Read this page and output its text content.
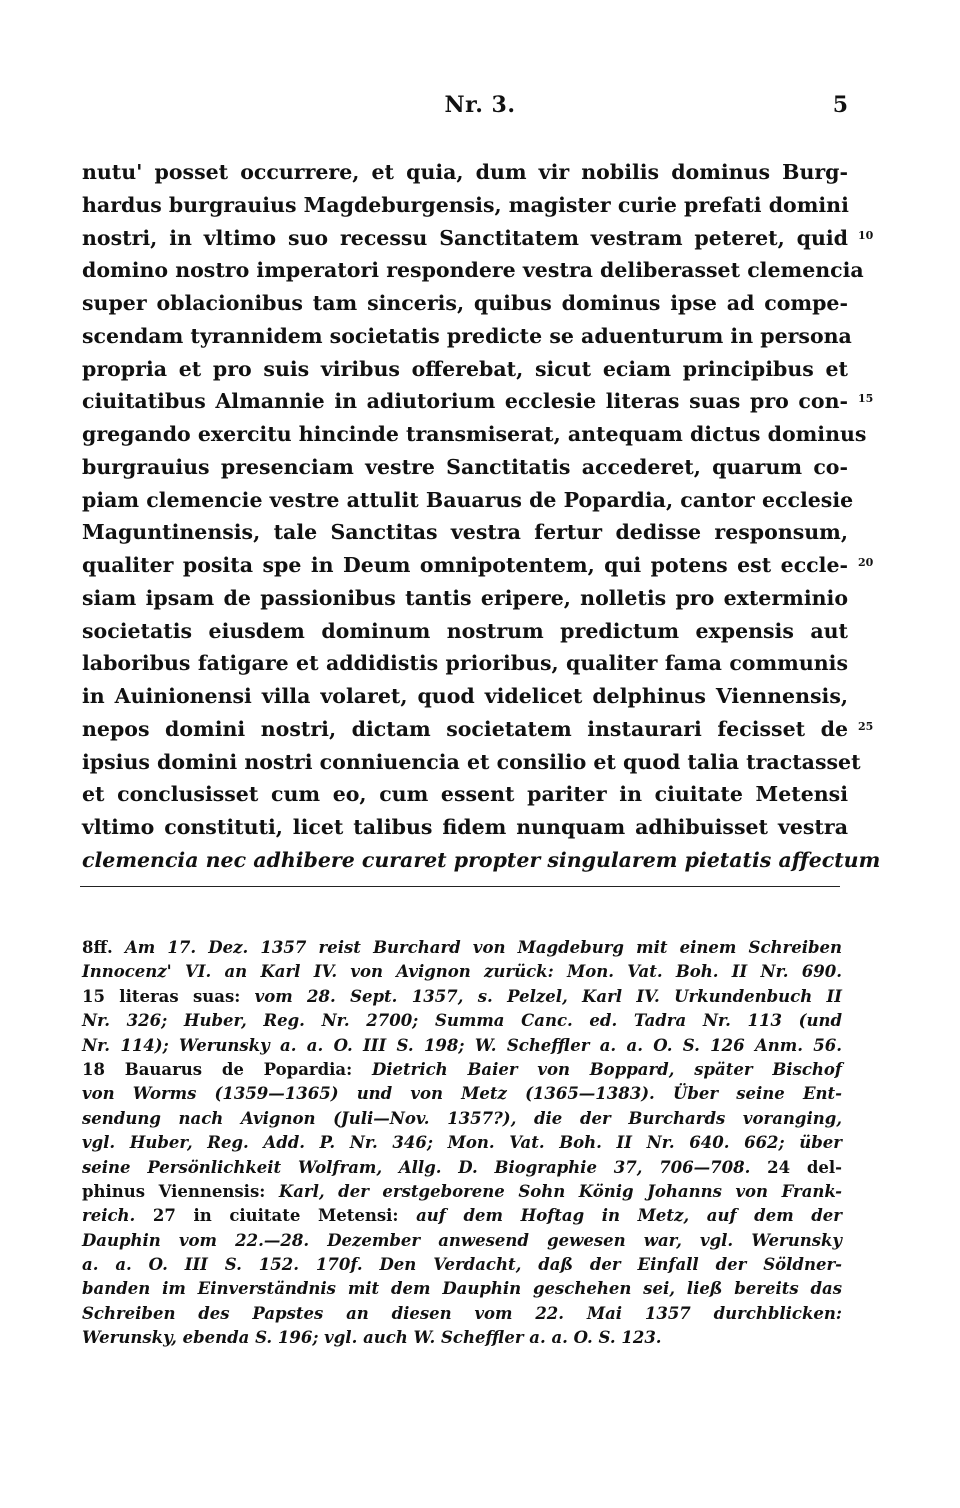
Nr. 3.	5
nutu' posset occurrere, et quia, dum vir nobilis dominus Burg-
hardus burgrauius Magdeburgensis, magister curie prefati domini
nostri, in vltimo suo recessu Sanctitatem vestram peteret, quid
domino nostro imperatori respondere vestra deliberasset clemencia
super oblacionibus tam sinceris, quibus dominus ipse ad compe-
scendam tyrannidem societatis predicte se aduenturum in persona
propria et pro suis viribus offerebat, sicut eciam principibus et
ciuitatibus Almannie in adiutorium ecclesie literas suas pro con-
gregando exercitu hincinde transmiserat, antequam dictus dominus
burgrauius presenciam vestre Sanctitatis accederet, quarum co-
piam clemencie vestre attulit Bauarus de Popardia, cantor ecclesie
Maguntinensis, tale Sanctitas vestra fertur dedisse responsum,
qualiter posita spe in Deum omnipotentem, qui potens est eccle-
siam ipsam de passionibus tantis eripere, nolletis pro exterminio
societatis eiusdem dominum nostrum predictum expensis aut
laboribus fatigare et addidistis prioribus, qualiter fama communis
in Auinionensi villa volaret, quod videlicet delphinus Viennensis,
nepos domini nostri, dictam societatem instaurari fecisset de
ipsius domini nostri conniuencia et consilio et quod talia tractasset
et conclusisset cum eo, cum essent pariter in ciuitate Metensi
vltimo constituti, licet talibus fidem nunquam adhibuisset vestra
clemencia nec adhibere curaret propter singularem pietatis affectum
10
15
20
25
8ff. Am 17. Dez. 1357 reist Burchard von Magdeburg mit einem Schreiben
Innocenz' VI. an Karl IV. von Avignon zurück: Mon. Vat. Boh. II Nr. 690.
15 literas suas: vom 28. Sept. 1357, s. Pelzel, Karl IV. Urkundenbuch II
Nr. 326; Huber, Reg. Nr. 2700; Summa Canc. ed. Tadra Nr. 113 (und
Nr. 114); Werunsky a. a. O. III S. 198; W. Scheffler a. a. O. S. 126 Anm. 56.
18 Bauarus de Popardia: Dietrich Baier von Boppard, später Bischof
von Worms (1359—1365) und von Metz (1365—1383). Über seine Ent-
sendung nach Avignon (Juli—Nov. 1357?), die der Burchards voranging,
vgl. Huber, Reg. Add. P. Nr. 346; Mon. Vat. Boh. II Nr. 640. 662; über
seine Persönlichkeit Wolfram, Allg. D. Biographie 37, 706—708. 24 del-
phinus Viennensis: Karl, der erstgeborene Sohn König Johanns von Frank-
reich. 27 in ciuitate Metensi: auf dem Hoftag in Metz, auf dem der
Dauphin vom 22.—28. Dezember anwesend gewesen war, vgl. Werunsky
a. a. O. III S. 152. 170f. Den Verdacht, daß der Einfall der Söldner-
banden im Einverständnis mit dem Dauphin geschehen sei, ließ bereits das
Schreiben des Papstes an diesen vom 22. Mai 1357 durchblicken:
Werunsky, ebenda S. 196; vgl. auch W. Scheffler a. a. O. S. 123.
